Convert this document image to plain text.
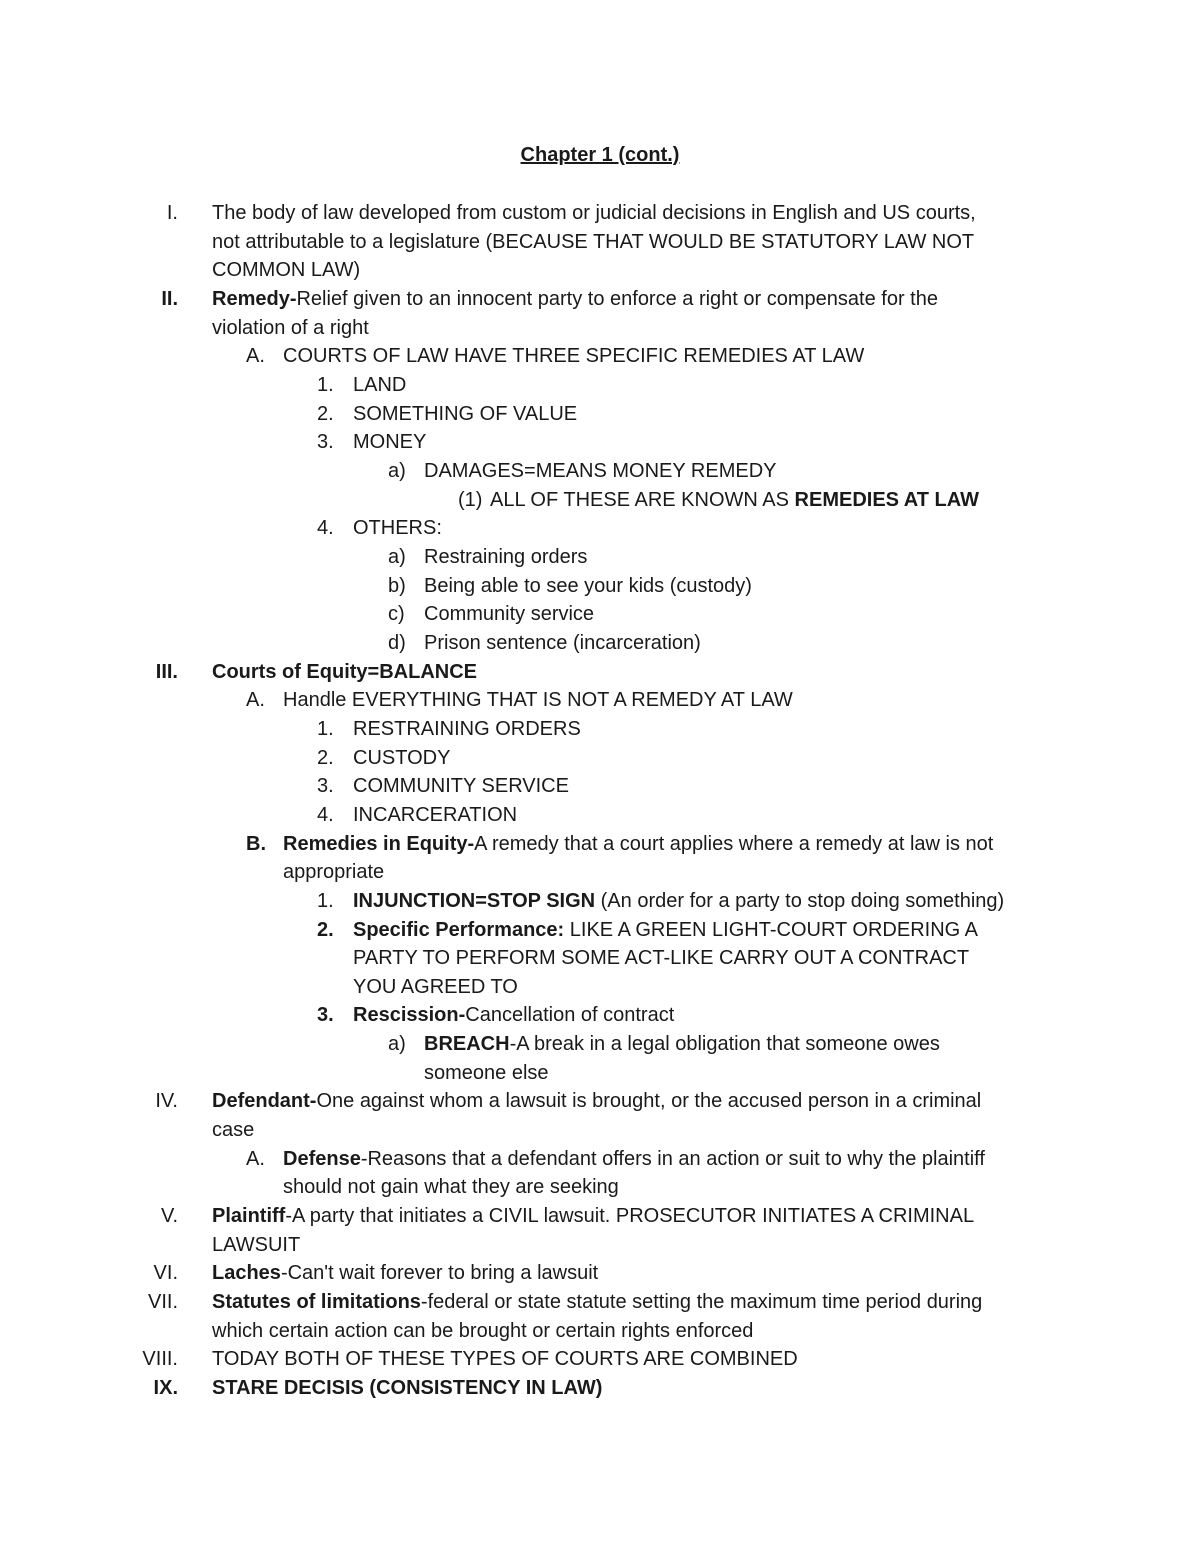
Chapter 1 (cont.)
I. The body of law developed from custom or judicial decisions in English and US courts,
not attributable to a legislature (BECAUSE THAT WOULD BE STATUTORY LAW NOT
COMMON LAW)
II. Remedy-Relief given to an innocent party to enforce a right or compensate for the
violation of a right
A. COURTS OF LAW HAVE THREE SPECIFIC REMEDIES AT LAW
1. LAND
2. SOMETHING OF VALUE
3. MONEY
a) DAMAGES=MEANS MONEY REMEDY
(1) ALL OF THESE ARE KNOWN AS REMEDIES AT LAW
4. OTHERS:
a) Restraining orders
b) Being able to see your kids (custody)
c) Community service
d) Prison sentence (incarceration)
III. Courts of Equity=BALANCE
A. Handle EVERYTHING THAT IS NOT A REMEDY AT LAW
1. RESTRAINING ORDERS
2. CUSTODY
3. COMMUNITY SERVICE
4. INCARCERATION
B. Remedies in Equity-A remedy that a court applies where a remedy at law is not
appropriate
1. INJUNCTION=STOP SIGN (An order for a party to stop doing something)
2. Specific Performance: LIKE A GREEN LIGHT-COURT ORDERING A
PARTY TO PERFORM SOME ACT-LIKE CARRY OUT A CONTRACT
YOU AGREED TO
3. Rescission-Cancellation of contract
a) BREACH-A break in a legal obligation that someone owes
someone else
IV. Defendant-One against whom a lawsuit is brought, or the accused person in a criminal
case
A. Defense-Reasons that a defendant offers in an action or suit to why the plaintiff
should not gain what they are seeking
V. Plaintiff-A party that initiates a CIVIL lawsuit. PROSECUTOR INITIATES A CRIMINAL
LAWSUIT
VI. Laches-Can't wait forever to bring a lawsuit
VII. Statutes of limitations-federal or state statute setting the maximum time period during
which certain action can be brought or certain rights enforced
VIII. TODAY BOTH OF THESE TYPES OF COURTS ARE COMBINED
IX. STARE DECISIS (CONSISTENCY IN LAW)
